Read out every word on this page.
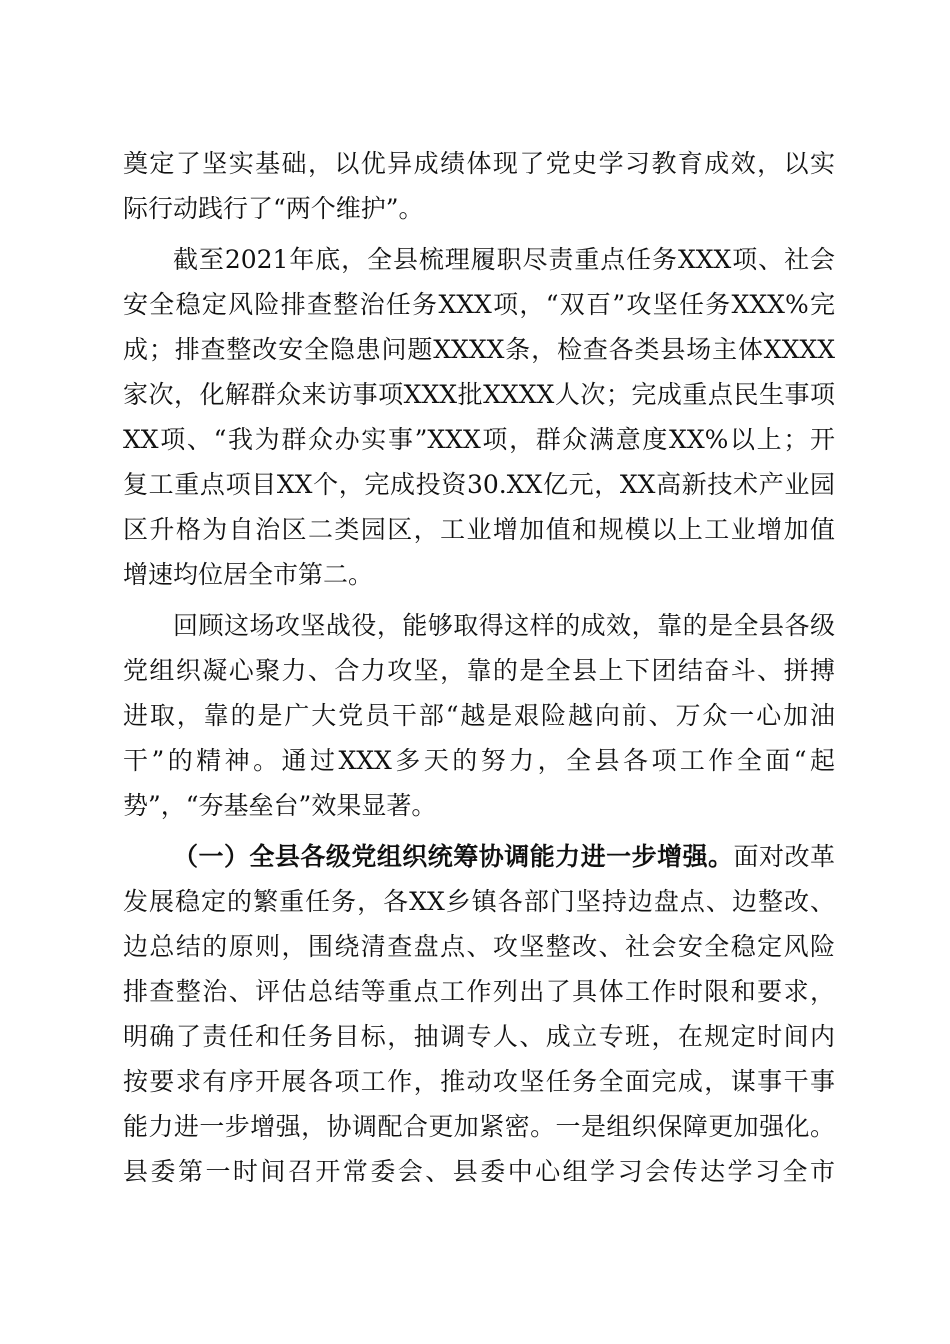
奠定了坚实基础，以优异成绩体现了党史学习教育成效，以实
际行动践行了“两个维护”。
截至2021年底，全县梳理履职尽责重点任务XXX项、社会
安全稳定风险排查整治任务XXX项，“双百”攻坚任务XXX%完
成；排查整改安全隐患问题XXXX条，检查各类县场主体XXXX
家次，化解群众来访事项XXX批XXXX人次；完成重点民生事项
XX项、“我为群众办实事”XXX项，群众满意度XX%以上；开
复工重点项目XX个，完成投资30.XX亿元，XX高新技术产业园
区升格为自治区二类园区，工业增加值和规模以上工业增加值
增速均位居全市第二。
回顾这场攻坚战役，能够取得这样的成效，靠的是全县各级
党组织凝心聚力、合力攻坚，靠的是全县上下团结奋斗、拼搏
进取，靠的是广大党员干部“越是艰险越向前、万众一心加油
干”的精神。通过XXX多天的努力，全县各项工作全面“起
势”，“夯基垒台”效果显著。
（一）全县各级党组织统筹协调能力进一步增强。面对改革
发展稳定的繁重任务，各XX乡镇各部门坚持边盘点、边整改、
边总结的原则，围绕清查盘点、攻坚整改、社会安全稳定风险
排查整治、评估总结等重点工作列出了具体工作时限和要求，
明确了责任和任务目标，抽调专人、成立专班，在规定时间内
按要求有序开展各项工作，推动攻坚任务全面完成，谋事干事
能力进一步增强，协调配合更加紧密。一是组织保障更加强化。
县委第一时间召开常委会、县委中心组学习会传达学习全市
